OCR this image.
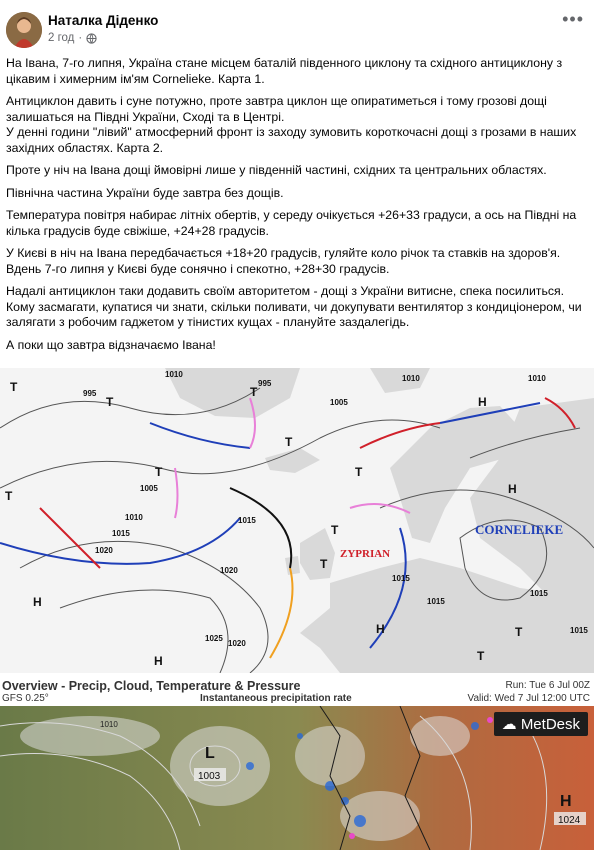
Наталка Діденко
2 год ·
•••

На Івана, 7-го липня, Україна стане місцем баталій південного циклону та східного антициклону з цікавим і химерним ім'ям Cornelieke. Карта 1.

Антициклон давить і суне потужно, проте завтра циклон ще опиратиметься і тому грозові дощі залишаться на Півдні України, Сході та в Центрі.
У денні години "лівий" атмосферний фронт із заходу зумовить короткочасні дощі з грозами в наших західних областях. Карта 2.

Проте у ніч на Івана дощі ймовірні лише у південній частині, східних та центральних областях.

Північна частина України буде завтра без дощів.

Температура повітря набирає літніх обертів, у середу очікується +26+33 градуси, а ось на Півдні на кілька градусів буде свіжіше, +24+28 градусів.

У Києві в ніч на Івана передбачається +18+20 градусів, гуляйте коло річок та ставків на здоров'я.
Вдень 7-го липня у Києві буде сонячно і спекотно, +28+30 градусів.

Надалі антициклон таки додавить своїм авторитетом - дощі з України витисне, спека посилиться.
Кому засмагати, купатися чи знати, скільки поливати, чи докупувати вентилятор з кондиціонером, чи залягати з робочим гаджетом у тінистих кущах - плануйте заздалегідь.

А поки що завтра відзначаємо Івана!

1010
995
995
1005
1005
1010
1020
1015
1015
1020
1025
1015
1015
1015
1010	1010
1020
1015
T
T
T
T
T
T
T
T
H
H
H
H
H
T
T
T
CORNELIEKE
ZYPRIAN
1010
L
1003
H
1024
Overview - Precip, Cloud, Temperature & Pressure
GFS 0.25°	Instantaneous precipitation rate
Run: Tue 6 Jul 00Z
Valid: Wed 7 Jul 12:00 UTC
☁ MetDesk
